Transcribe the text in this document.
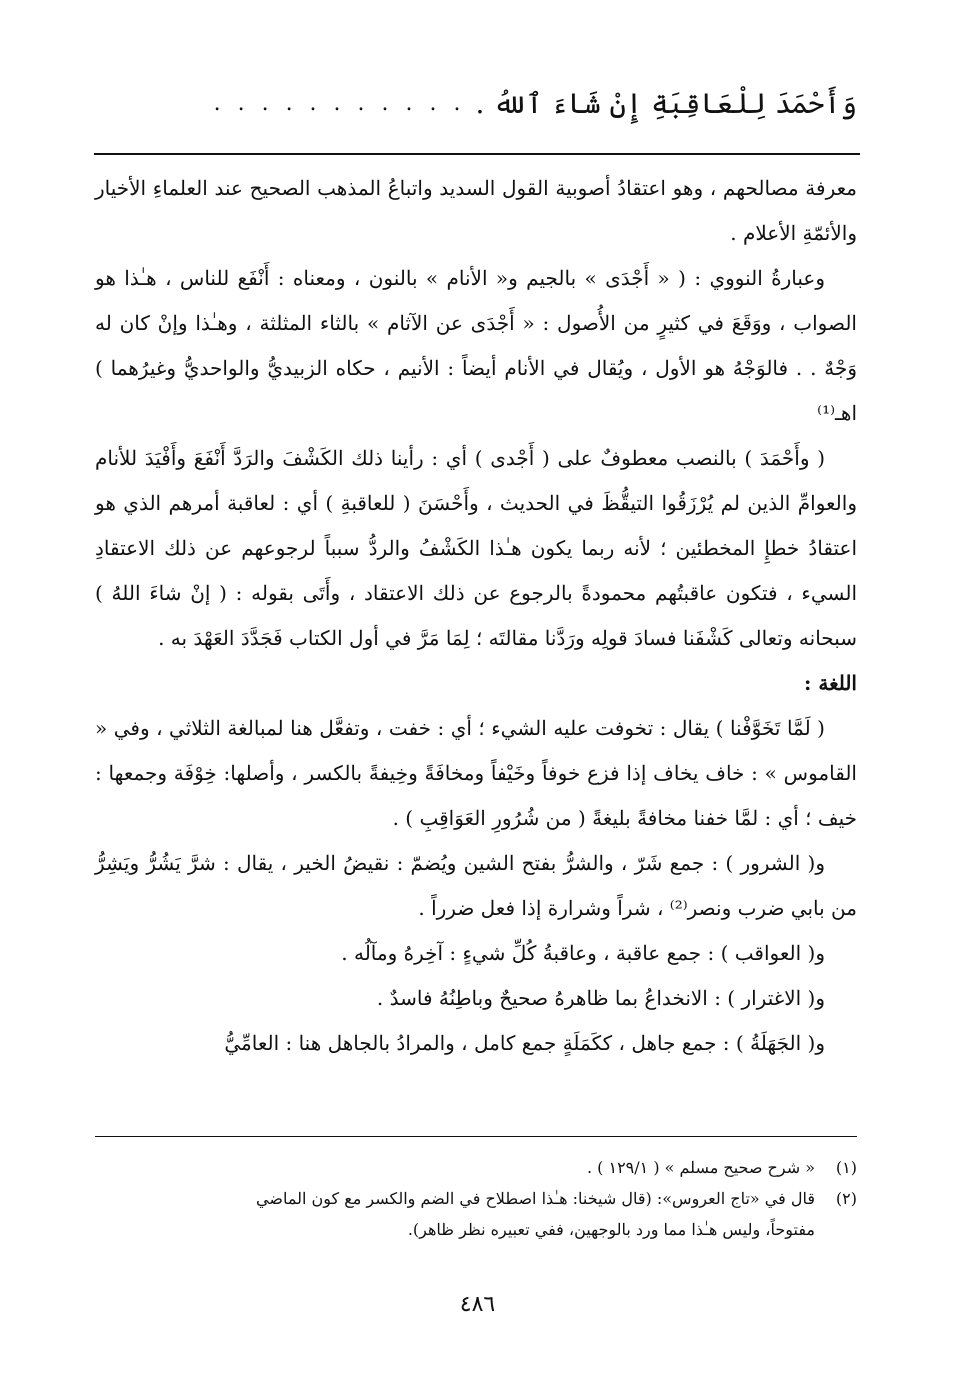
وَأَحْمَدَ لِلْعَاقِبَةِ إِنْ شَاءَ ٱللهُ .
. . . . . . . . . . .

معرفة مصالحهم ، وهو اعتقادُ أصوبية القول السديد واتباعُ المذهب الصحيح عند العلماءِ الأخيار والأئمّةِ الأعلام .

وعبارةُ النووي : ( « أَجْدَى » بالجيم و« الأنام » بالنون ، ومعناه : أَنْفَع للناس ، هـٰذا هو الصواب ، ووَقَعَ في كثيرٍ من الأُصول : « أَجْدَى عن الآثام » بالثاء المثلثة ، وهـٰذا وإنْ كان له وَجْهٌ . . فالوَجْهُ هو الأول ، ويُقال في الأنام أيضاً : الأنيم ، حكاه الزبيديُّ والواحديُّ وغيرُهما ) اهـ⁽¹⁾

( وأَحْمَدَ ) بالنصب معطوفٌ على ( أَجْدى ) أي : رأينا ذلك الكَشْفَ والرَدَّ أَنْفَعَ وأَفْيَدَ للأنام والعوامِّ الذين لم يُرْزَقُوا التيقُّظَ في الحديث ، وأَحْسَنَ ( للعاقبةِ ) أي : لعاقبة أمرهم الذي هو اعتقادُ خطإِ المخطئين ؛ لأنه ربما يكون هـٰذا الكَشْفُ والردُّ سبباً لرجوعهم عن ذلك الاعتقادِ السيء ، فتكون عاقبتُهم محمودةً بالرجوع عن ذلك الاعتقاد ، وأَتَى بقوله : ( إنْ شاءَ اللهُ ) سبحانه وتعالى كَشْفَنا فسادَ قولِه ورَدَّنا مقالتَه ؛ لِمَا مَرَّ في أول الكتاب فَجَدَّدَ العَهْدَ به .

اللغة :

( لَمَّا تَخَوَّفْنا ) يقال : تخوفت عليه الشيء ؛ أي : خفت ، وتفعَّل هنا لمبالغة الثلاثي ، وفي « القاموس » : خاف يخاف إذا فزع خوفاً وخَيْفاً ومخافَةً وخِيفةً بالكسر ، وأصلها: خِوْفَة وجمعها : خيف ؛ أي : لمَّا خفنا مخافةً بليغةً ( من شُرُورِ العَوَاقِبِ ) .

و( الشرور ) : جمع شَرّ ، والشرُّ بفتح الشين ويُضمّ : نقيضُ الخير ، يقال : شرَّ يَشُرُّ ويَشِرُّ من بابي ضرب ونصر⁽²⁾ ، شراً وشرارة إذا فعل ضرراً .

و( العواقب ) : جمع عاقبة ، وعاقبةُ كُلِّ شيءٍ : آخِرهُ ومآلُه .

و( الاغترار ) : الانخداعُ بما ظاهرهُ صحيحٌ وباطِنُهُ فاسدٌ .

و( الجَهَلَةُ ) : جمع جاهل ، ككَمَلَةٍ جمع كامل ، والمرادُ بالجاهل هنا : العامِّيُّ

(١)
« شرح صحيح مسلم » ( ١٢٩/١ ) .
(٢)
قال في «تاج العروس»: (قال شيخنا: هـٰذا اصطلاح في الضم والكسر مع كون الماضي
مفتوحاً، وليس هـٰذا مما ورد بالوجهين، ففي تعبيره نظر ظاهر).
٤٨٦
